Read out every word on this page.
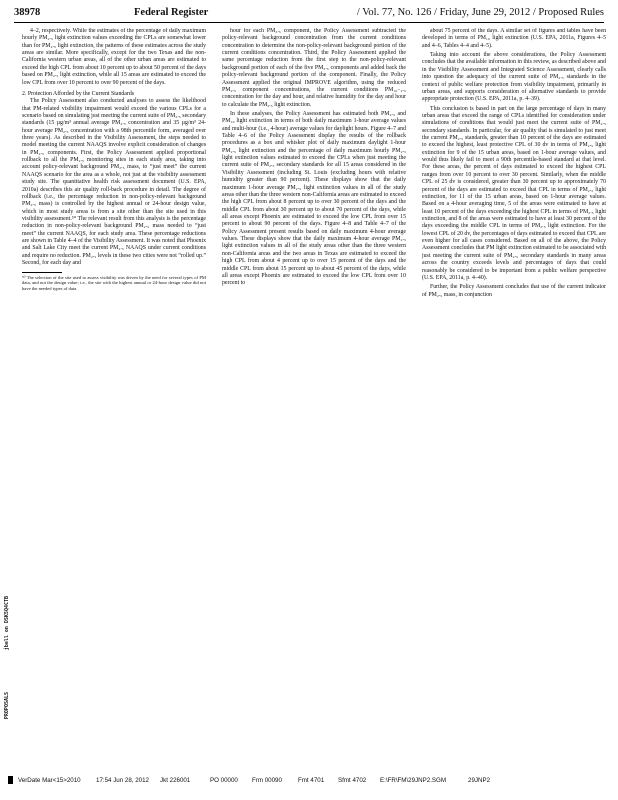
38978	Federal Register	/ Vol. 77, No. 126 / Friday, June 29, 2012 / Proposed Rules

4–2, respectively. While the estimates of the percentage of daily maximum hourly PM₂.₅ light extinction values exceeding the CPLs are somewhat lower than for PM₂.₅ light extinction, the patterns of these estimates across the study areas are similar. More specifically, except for the two Texas and the non-California western urban areas, all of the other urban areas are estimated to exceed the high CPL from about 10 percent up to about 50 percent of the days based on PM₂.₅ light extinction, while all 15 areas are estimated to exceed the low CPL from over 10 percent to over 90 percent of the days.

2. Protection Afforded by the Current Standards

The Policy Assessment also conducted analyses to assess the likelihood that PM-related visibility impairment would exceed the various CPLs for a scenario based on simulating just meeting the current suite of PM₂.₅ secondary standards (15 µg/m³ annual average PM₂.₅ concentration and 35 µg/m³ 24-hour average PM₂.₅ concentration with a 98th percentile form, averaged over three years). As described in the Visibility Assessment, the steps needed to model meeting the current NAAQS involve explicit consideration of changes in PM₂.₅ components. First, the Policy Assessment applied proportional rollback to all the PM₂.₅ monitoring sites in each study area, taking into account policy-relevant background PM₂.₅ mass, to “just meet” the current NAAQS scenario for the area as a whole, not just at the visibility assessment study site. The quantitative health risk assessment document (U.S. EPA, 2010a) describes this air quality roll-back procedure in detail. The degree of rollback (i.e., the percentage reduction in non-policy-relevant background PM₂.₅ mass) is controlled by the highest annual or 24-hour design value, which in most study areas is from a site other than the site used in this visibility assessment.⁵⁰ The relevant result from this analysis is the percentage reduction in non-policy-relevant background PM₂.₅ mass needed to “just meet” the current NAAQS, for each study area. These percentage reductions are shown in Table 4–4 of the Visibility Assessment. It was noted that Phoenix and Salt Lake City meet the current PM₂.₅ NAAQS under current conditions and require no reduction. PM₂.₅ levels in these two cities were not “rolled up.” Second, for each day and

⁵⁰ The selection of the site used to assess visibility was driven by the need for several types of PM data, and not the design value; i.e., the site with the highest annual or 24-hour design value did not have the needed types of data.

hour for each PM₂.₅ component, the Policy Assessment subtracted the policy-relevant background concentration from the current conditions concentration to determine the non-policy-relevant background portion of the current conditions concentration. Third, the Policy Assessment applied the same percentage reduction from the first step to the non-policy-relevant background portion of each of the five PM₂.₅ components and added back the policy-relevant background portion of the component. Finally, the Policy Assessment applied the original IMPROVE algorithm, using the reduced PM₂.₅ component concentrations, the current conditions PM₁₀₋₂.₅ concentration for the day and hour, and relative humidity for the day and hour to calculate the PM₂.₅ light extinction.

In these analyses, the Policy Assessment has estimated both PM₂.₅ and PM₁₀ light extinction in terms of both daily maximum 1-hour average values and multi-hour (i.e., 4-hour) average values for daylight hours. Figure 4–7 and Table 4–6 of the Policy Assessment display the results of the rollback procedures as a box and whisker plot of daily maximum daylight 1-hour PM₂.₅ light extinction and the percentage of daily maximum hourly PM₂.₅ light extinction values estimated to exceed the CPLs when just meeting the current suite of PM₂.₅ secondary standards for all 15 areas considered in the Visibility Assessment (including St. Louis (excluding hours with relative humidity greater than 90 percent). These displays show that the daily maximum 1-hour average PM₂.₅ light extinction values in all of the study areas other than the three western non-California areas are estimated to exceed the high CPL from about 8 percent up to over 30 percent of the days and the middle CPL from about 30 percent up to about 70 percent of the days, while all areas except Phoenix are estimated to exceed the low CPL from over 15 percent to about 90 percent of the days. Figure 4–8 and Table 4–7 of the Policy Assessment present results based on daily maximum 4-hour average values. These displays show that the daily maximum 4-hour average PM₂.₅ light extinction values in all of the study areas other than the three western non-California areas and the two areas in Texas are estimated to exceed the high CPL from about 4 percent up to over 15 percent of the days and the middle CPL from about 15 percent up to about 45 percent of the days, while all areas except Phoenix are estimated to exceed the low CPL from over 10 percent to

about 75 percent of the days. A similar set of figures and tables have been developed in terms of PM₁₀ light extinction (U.S. EPA, 2011a, Figures 4–5 and 4–6, Tables 4–4 and 4–5).

Taking into account the above considerations, the Policy Assessment concludes that the available information in this review, as described above and in the Visibility Assessment and Integrated Science Assessment, clearly calls into question the adequacy of the current suite of PM₂.₅ standards in the context of public welfare protection from visibility impairment, primarily in urban areas, and supports consideration of alternative standards to provide appropriate protection (U.S. EPA, 2011a, p. 4–39).

This conclusion is based in part on the large percentage of days in many urban areas that exceed the range of CPLs identified for consideration under simulations of conditions that would just meet the current suite of PM₂.₅ secondary standards. In particular, for air quality that is simulated to just meet the current PM₂.₅ standards, greater than 10 percent of the days are estimated to exceed the highest, least protective CPL of 30 dv in terms of PM₂.₅ light extinction for 9 of the 15 urban areas, based on 1-hour average values, and would thus likely fail to meet a 90th percentile-based standard at that level. For these areas, the percent of days estimated to exceed the highest CPL ranges from over 10 percent to over 30 percent. Similarly, when the middle CPL of 25 dv is considered, greater than 30 percent up to approximately 70 percent of the days are estimated to exceed that CPL in terms of PM₂.₅ light extinction, for 11 of the 15 urban areas, based on 1-hour average values. Based on a 4-hour averaging time, 5 of the areas were estimated to have at least 10 percent of the days exceeding the highest CPL in terms of PM₂.₅ light extinction, and 8 of the areas were estimated to have at least 30 percent of the days exceeding the middle CPL in terms of PM₂.₅ light extinction. For the lowest CPL of 20 dv, the percentages of days estimated to exceed that CPL are even higher for all cases considered. Based on all of the above, the Policy Assessment concludes that PM light extinction estimated to be associated with just meeting the current suite of PM₂.₅ secondary standards in many areas across the country exceeds levels and percentages of days that could reasonably be considered to be important from a public welfare perspective (U.S. EPA, 2011a, p. 4–40).

Further, the Policy Assessment concludes that use of the current indicator of PM₂.₅ mass, in conjunction

jbell on DSK5Q4CTB
PROPOSALS
VerDate Mar<15>2010 17:54 Jun 28, 2012 Jkt 226001	PO 00000 Frm 00090	Fmt 4701 Sfmt 4702 E:\FR\FM\29JNP2.SGM	29JNP2
